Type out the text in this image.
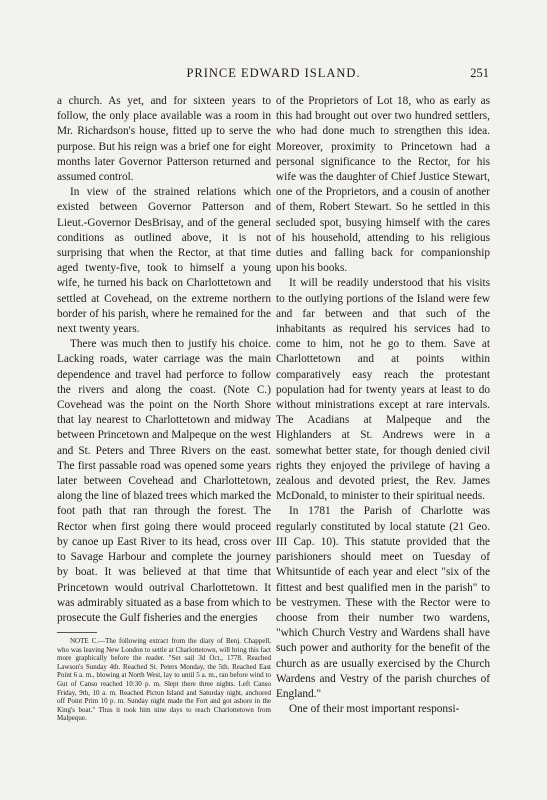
PRINCE EDWARD ISLAND.	251

a church. As yet, and for sixteen years to follow, the only place available was a room in Mr. Richardson's house, fitted up to serve the purpose. But his reign was a brief one for eight months later Governor Patterson returned and assumed control.

In view of the strained relations which existed between Governor Patterson and Lieut.-Governor DesBrisay, and of the general conditions as outlined above, it is not surprising that when the Rector, at that time aged twenty-five, took to himself a young wife, he turned his back on Charlottetown and settled at Covehead, on the extreme northern border of his parish, where he remained for the next twenty years.

There was much then to justify his choice. Lacking roads, water carriage was the main dependence and travel had perforce to follow the rivers and along the coast. (Note C.) Covehead was the point on the North Shore that lay nearest to Charlottetown and midway between Princetown and Malpeque on the west and St. Peters and Three Rivers on the east. The first passable road was opened some years later between Covehead and Charlottetown, along the line of blazed trees which marked the foot path that ran through the forest. The Rector when first going there would proceed by canoe up East River to its head, cross over to Savage Harbour and complete the journey by boat. It was believed at that time that Princetown would outrival Charlottetown. It was admirably situated as a base from which to prosecute the Gulf fisheries and the energies

NOTE C.—The following extract from the diary of Benj. Chappell, who was leaving New London to settle at Charlottetown, will bring this fact more graphically before the reader. "Set sail 3d Oct., 1778. Reached Lawson's Sunday 4th. Reached St. Peters Monday, the 5th. Reached East Point 6 a. m., blowing at North West, lay to until 5 a. m., ran before wind to Gut of Canso reached 10:30 p. m. Slept there three nights. Left Canso Friday, 9th, 10 a. m. Reached Picton Island and Saturday night, anchored off Point Prim 10 p. m. Sunday night made the Fort and got ashore in the King's boat." Thus it took him nine days to reach Charlottetown from Malpeque.

of the Proprietors of Lot 18, who as early as this had brought out over two hundred settlers, who had done much to strengthen this idea. Moreover, proximity to Princetown had a personal significance to the Rector, for his wife was the daughter of Chief Justice Stewart, one of the Proprietors, and a cousin of another of them, Robert Stewart. So he settled in this secluded spot, busying himself with the cares of his household, attending to his religious duties and falling back for companionship upon his books.

It will be readily understood that his visits to the outlying portions of the Island were few and far between and that such of the inhabitants as required his services had to come to him, not he go to them. Save at Charlottetown and at points within comparatively easy reach the protestant population had for twenty years at least to do without ministrations except at rare intervals. The Acadians at Malpeque and the Highlanders at St. Andrews were in a somewhat better state, for though denied civil rights they enjoyed the privilege of having a zealous and devoted priest, the Rev. James McDonald, to minister to their spiritual needs.

In 1781 the Parish of Charlotte was regularly constituted by local statute (21 Geo. III Cap. 10). This statute provided that the parishioners should meet on Tuesday of Whitsuntide of each year and elect "six of the fittest and best qualified men in the parish" to be vestrymen. These with the Rector were to choose from their number two wardens, "which Church Vestry and Wardens shall have such power and authority for the benefit of the church as are usually exercised by the Church Wardens and Vestry of the parish churches of England."

One of their most important responsi-
